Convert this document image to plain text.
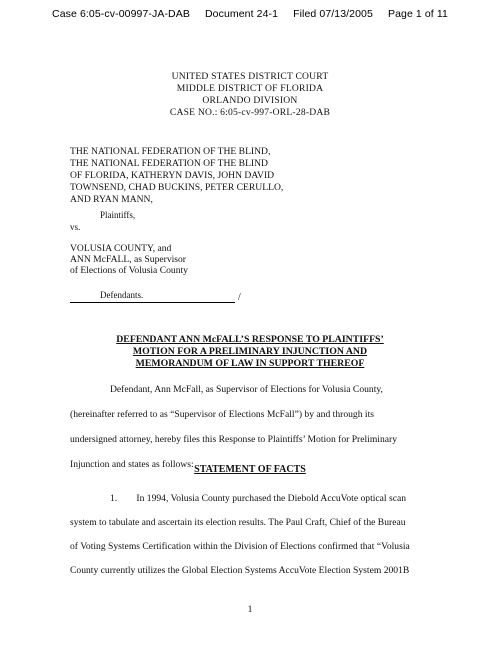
Case 6:05-cv-00997-JA-DAB Document 24-1 Filed 07/13/2005 Page 1 of 11
UNITED STATES DISTRICT COURT
MIDDLE DISTRICT OF FLORIDA
ORLANDO DIVISION
CASE NO.: 6:05-cv-997-ORL-28-DAB
THE NATIONAL FEDERATION OF THE BLIND,
THE NATIONAL FEDERATION OF THE BLIND
OF FLORIDA, KATHERYN DAVIS, JOHN DAVID
TOWNSEND, CHAD BUCKINS, PETER CERULLO,
AND RYAN MANN,
Plaintiffs,
vs.
VOLUSIA COUNTY, and
ANN McFALL, as Supervisor
of Elections of Volusia County
Defendants.	/
DEFENDANT ANN McFALL’S RESPONSE TO PLAINTIFFS’
MOTION FOR A PRELIMINARY INJUNCTION AND
MEMORANDUM OF LAW IN SUPPORT THEREOF
Defendant, Ann McFall, as Supervisor of Elections for Volusia County,
(hereinafter referred to as “Supervisor of Elections McFall”) by and through its
undersigned attorney, hereby files this Response to Plaintiffs’ Motion for Preliminary
Injunction and states as follows: STATEMENT OF FACTS
1.  In 1994, Volusia County purchased the Diebold AccuVote optical scan
system to tabulate and ascertain its election results. The Paul Craft, Chief of the Bureau
of Voting Systems Certification within the Division of Elections confirmed that “Volusia
County currently utilizes the Global Election Systems AccuVote Election System 2001B
1
